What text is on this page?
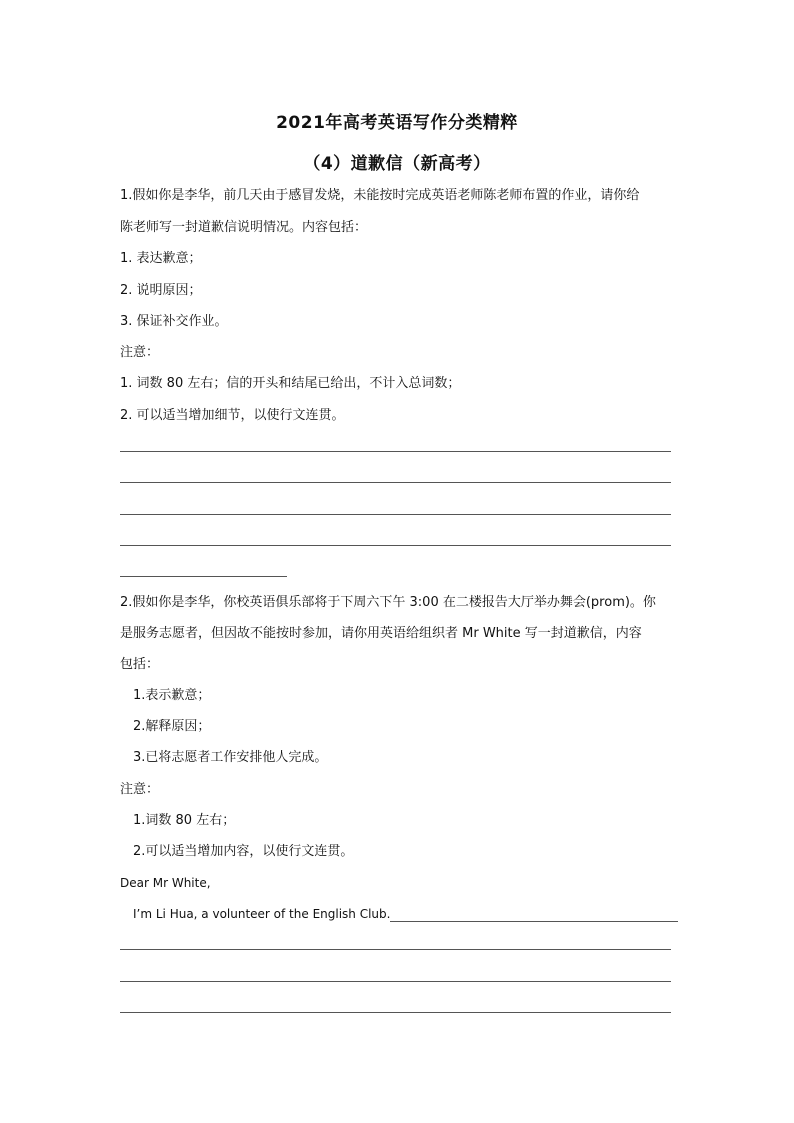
2021年高考英语写作分类精粹
（4）道歉信（新高考）
1.假如你是李华，前几天由于感冒发烧，未能按时完成英语老师陈老师布置的作业，请你给
陈老师写一封道歉信说明情况。内容包括：
1. 表达歉意；
2. 说明原因；
3. 保证补交作业。
注意：
1. 词数 80 左右；信的开头和结尾已给出，不计入总词数；
2. 可以适当增加细节，以使行文连贯。
2.假如你是李华，你校英语俱乐部将于下周六下午 3:00 在二楼报告大厅举办舞会(prom)。你
是服务志愿者，但因故不能按时参加，请你用英语给组织者 Mr White 写一封道歉信，内容
包括：
1.表示歉意；
2.解释原因；
3.已将志愿者工作安排他人完成。
注意：
1.词数 80 左右；
2.可以适当增加内容，以使行文连贯。
Dear Mr White,
I’m Li Hua, a volunteer of the English Club.
